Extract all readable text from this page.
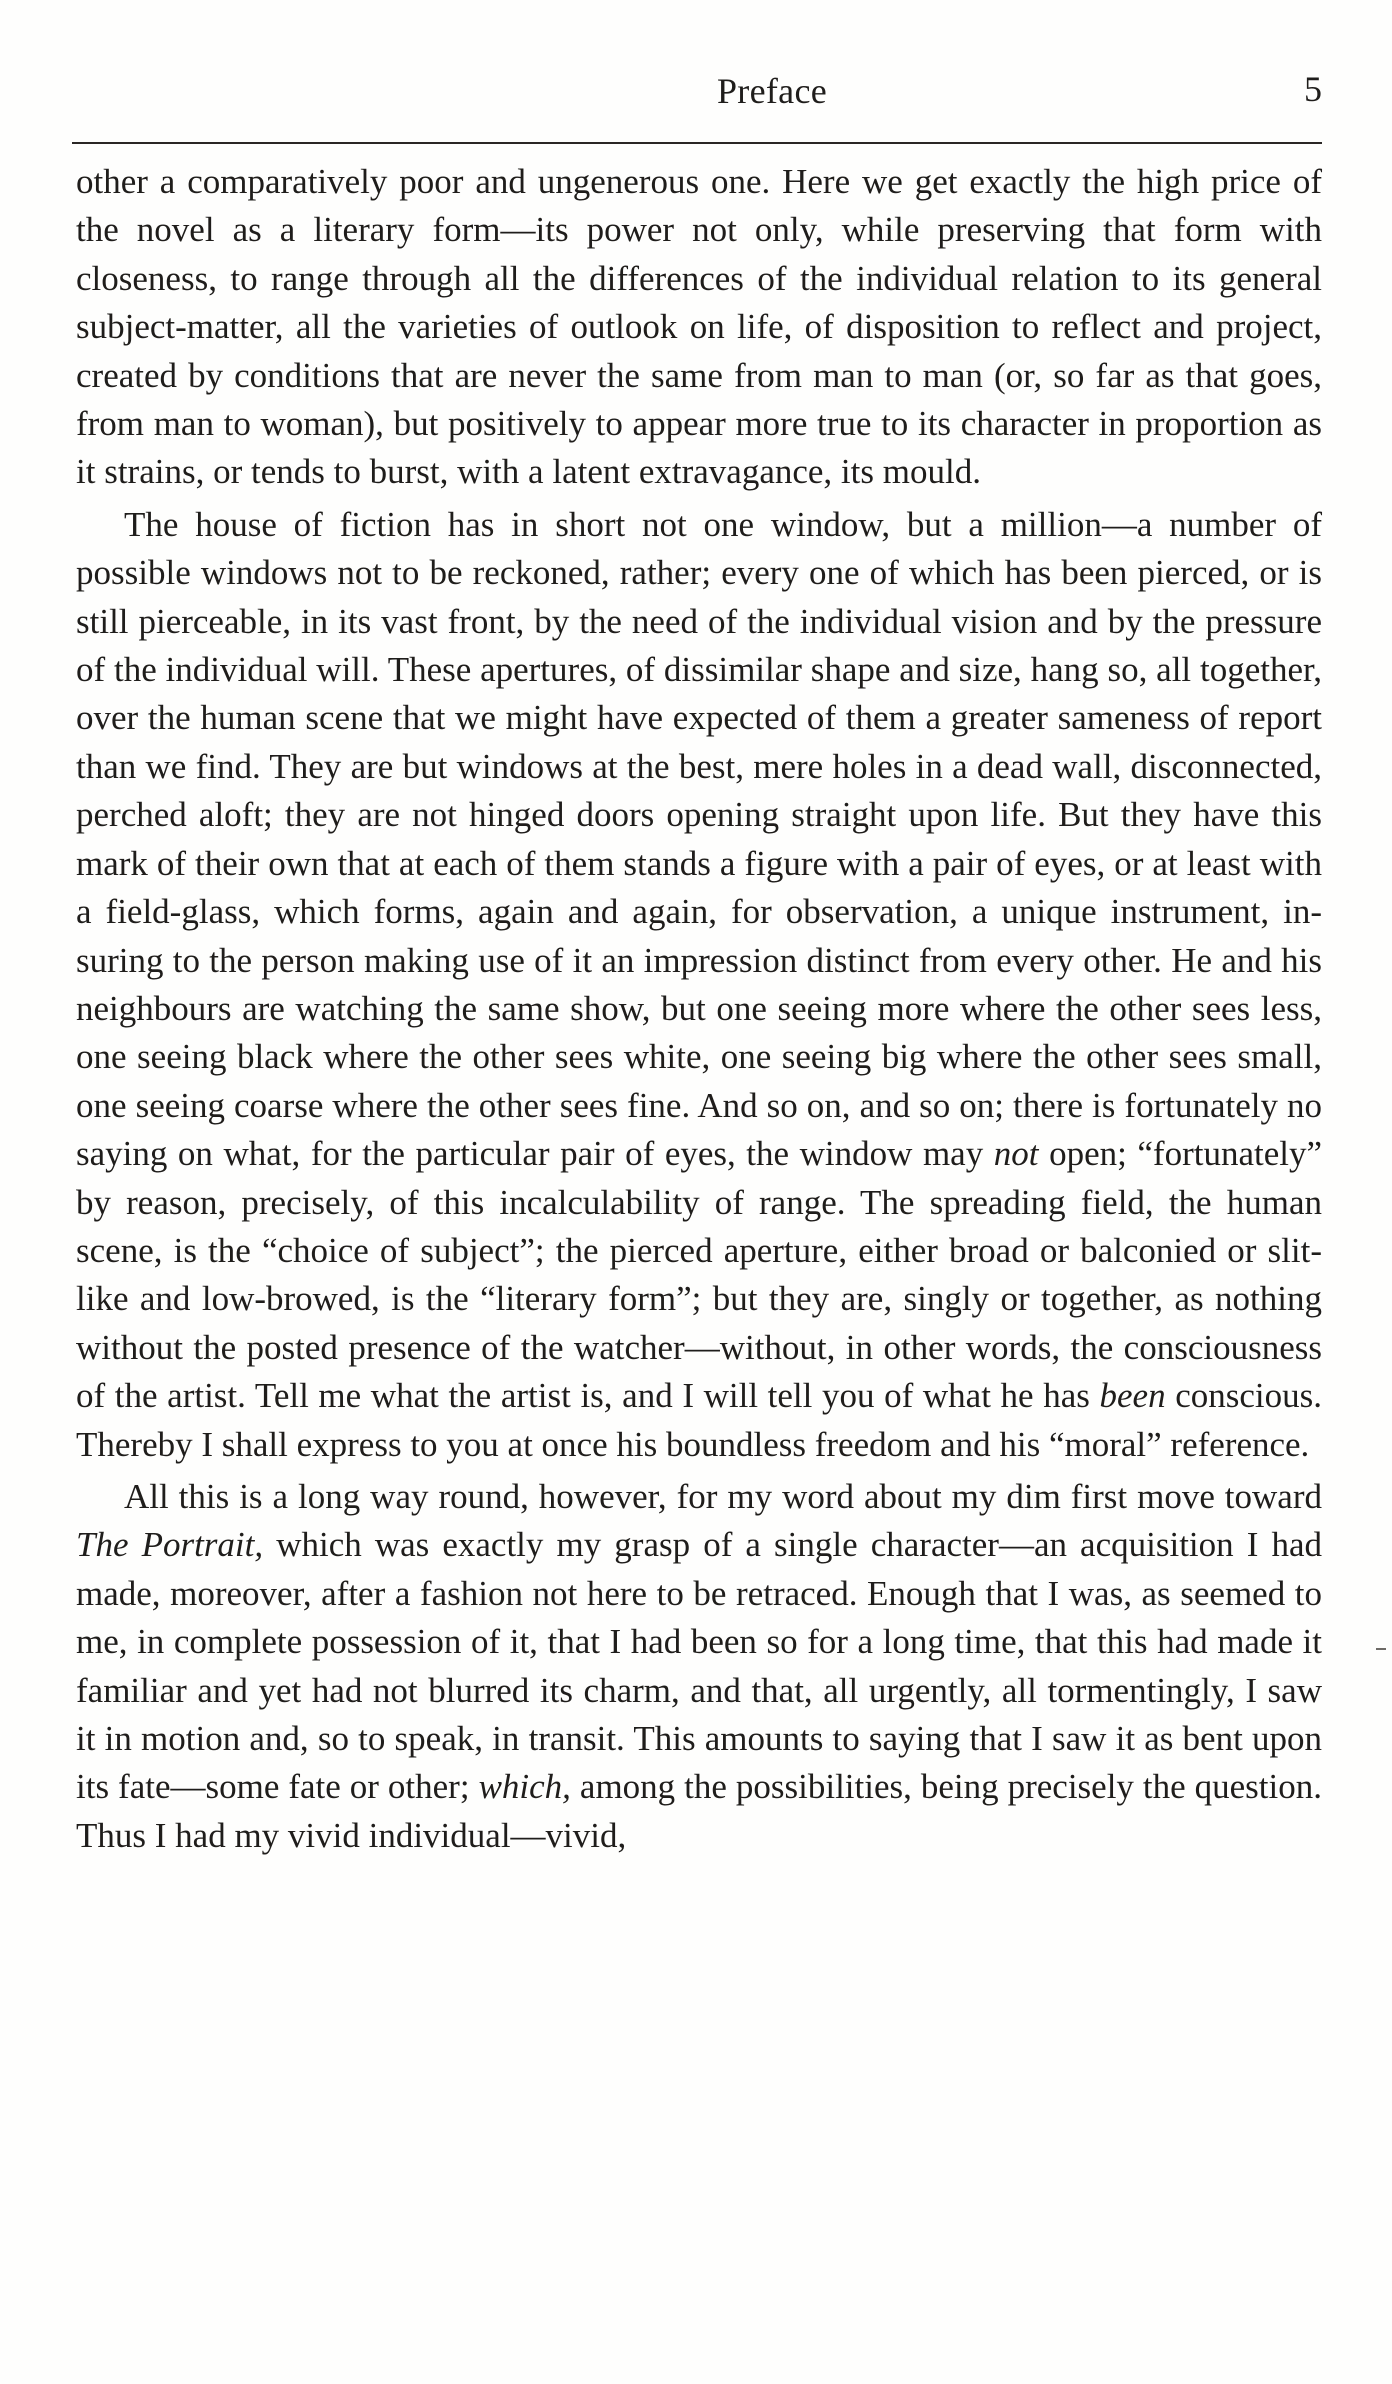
Preface	5

other a comparatively poor and ungenerous one. Here we get exactly the high price of the novel as a literary form—its power not only, while preserving that form with closeness, to range through all the differences of the individual relation to its general subject-matter, all the varieties of outlook on life, of disposition to reflect and project, created by conditions that are never the same from man to man (or, so far as that goes, from man to woman), but positively to appear more true to its character in proportion as it strains, or tends to burst, with a latent extravagance, its mould.

The house of fiction has in short not one window, but a million—a number of possible windows not to be reckoned, rather; every one of which has been pierced, or is still pierceable, in its vast front, by the need of the individual vision and by the pressure of the individual will. These apertures, of dissimilar shape and size, hang so, all together, over the human scene that we might have expected of them a greater sameness of report than we find. They are but windows at the best, mere holes in a dead wall, disconnected, perched aloft; they are not hinged doors opening straight upon life. But they have this mark of their own that at each of them stands a figure with a pair of eyes, or at least with a field-glass, which forms, again and again, for observation, a unique instrument, insuring to the person making use of it an impression distinct from every other. He and his neighbours are watching the same show, but one seeing more where the other sees less, one seeing black where the other sees white, one seeing big where the other sees small, one seeing coarse where the other sees fine. And so on, and so on; there is fortunately no saying on what, for the particular pair of eyes, the window may not open; “fortunately” by reason, precisely, of this incalculability of range. The spreading field, the human scene, is the “choice of subject”; the pierced aperture, either broad or balconied or slit-like and low-browed, is the “literary form”; but they are, singly or together, as nothing without the posted presence of the watcher—without, in other words, the consciousness of the artist. Tell me what the artist is, and I will tell you of what he has been conscious. Thereby I shall express to you at once his boundless freedom and his “moral” reference.

All this is a long way round, however, for my word about my dim first move toward The Portrait, which was exactly my grasp of a single character—an acquisition I had made, moreover, after a fashion not here to be retraced. Enough that I was, as seemed to me, in complete possession of it, that I had been so for a long time, that this had made it familiar and yet had not blurred its charm, and that, all urgently, all tormentingly, I saw it in motion and, so to speak, in transit. This amounts to saying that I saw it as bent upon its fate—some fate or other; which, among the possibilities, being precisely the question. Thus I had my vivid individual—vivid,
